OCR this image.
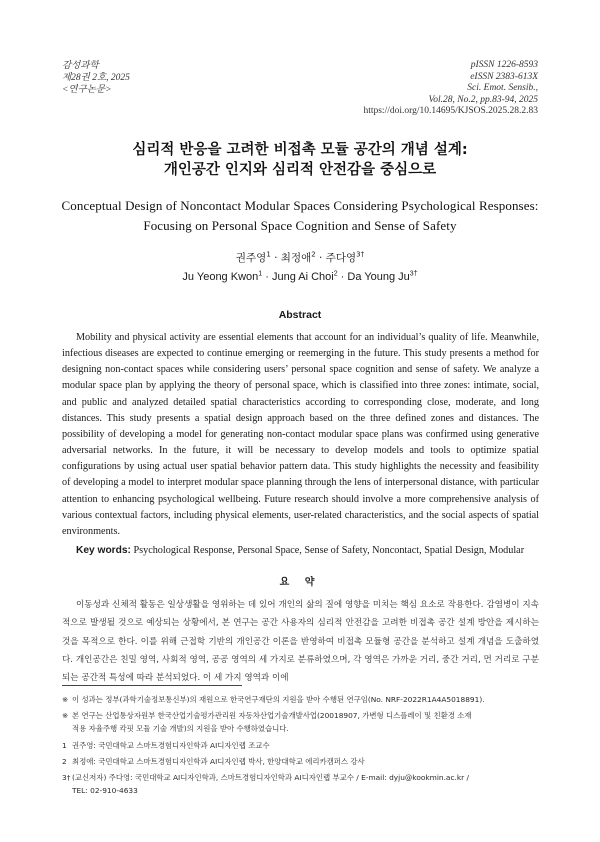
감성과학
제28권 2호, 2025
<연구논문>
pISSN 1226-8593
eISSN 2383-613X
Sci. Emot. Sensib.,
Vol.28, No.2, pp.83-94, 2025
https://doi.org/10.14695/KJSOS.2025.28.2.83
심리적 반응을 고려한 비접촉 모듈 공간의 개념 설계:
개인공간 인지와 심리적 안전감을 중심으로
Conceptual Design of Noncontact Modular Spaces Considering Psychological Responses:
Focusing on Personal Space Cognition and Sense of Safety
권주영$^1$ · 최정애$^2$ · 주다영$^{3\dagger}$
Ju Yeong Kwon$^1$ · Jung Ai Choi$^2$ · Da Young $Ju^{3\dagger}$
Abstract

Mobility and physical activity are essential elements that account for an individual’s quality of life. Meanwhile, infectious diseases are expected to continue emerging or reemerging in the future. This study presents a method for designing non-contact spaces while considering users’ personal space cognition and sense of safety. We analyze a modular space plan by applying the theory of personal space, which is classified into three zones: intimate, social, and public and analyzed detailed spatial characteristics according to corresponding close, moderate, and long distances. This study presents a spatial design approach based on the three defined zones and distances. The possibility of developing a model for generating non-contact modular space plans was confirmed using generative adversarial networks. In the future, it will be necessary to develop models and tools to optimize spatial configurations by using actual user spatial behavior pattern data. This study highlights the necessity and feasibility of developing a model to interpret modular space planning through the lens of interpersonal distance, with particular attention to enhancing psychological wellbeing. Future research should involve a more comprehensive analysis of various contextual factors, including physical elements, user-related characteristics, and the social aspects of spatial environments.

Key words: Psychological Response, Personal Space, Sense of Safety, Noncontact, Spatial Design, Modular
요 약

이동성과 신체적 활동은 일상생활을 영위하는 데 있어 개인의 삶의 질에 영향을 미치는 핵심 요소로 작용한다. 감염병이 지속적으로 발생될 것으로 예상되는 상황에서, 본 연구는 공간 사용자의 심리적 안전감을 고려한 비접촉 공간 설계 방안을 제시하는 것을 목적으로 한다. 이를 위해 근접학 기반의 개인공간 이론을 반영하여 비접촉 모듈형 공간을 분석하고 설계 개념을 도출하였다. 개인공간은 친밀 영역, 사회적 영역, 공공 영역의 세 가지로 분류하였으며, 각 영역은 가까운 거리, 중간 거리, 먼 거리로 구분되는 공간적 특성에 따라 분석되었다. 이 세 가지 영역과 이에

※ 이 성과는 정부(과학기술정보통신부)의 재원으로 한국연구재단의 지원을 받아 수행된 연구임(No. NRF-2022R1A4A5018891).
※ 본 연구는 산업통상자원부 한국산업기술평가관리원 자동차산업기술개발사업(20018907, 가변형 디스플레이 및 친환경 소재
적용 자율주행 칵핏 모듈 기술 개발)의 지원을 받아 수행하였습니다.
1 권주영: 국민대학교 스마트경험디자인학과 AI디자인랩 조교수
2 최정애: 국민대학교 스마트경험디자인학과 AI디자인랩 박사, 한양대학교 에리카캠퍼스 강사
3† (교신저자) 주다영: 국민대학교 AI디자인학과, 스마트경험디자인학과 AI디자인랩 부교수 / E-mail: dyju@kookmin.ac.kr /
TEL: 02-910-4633
